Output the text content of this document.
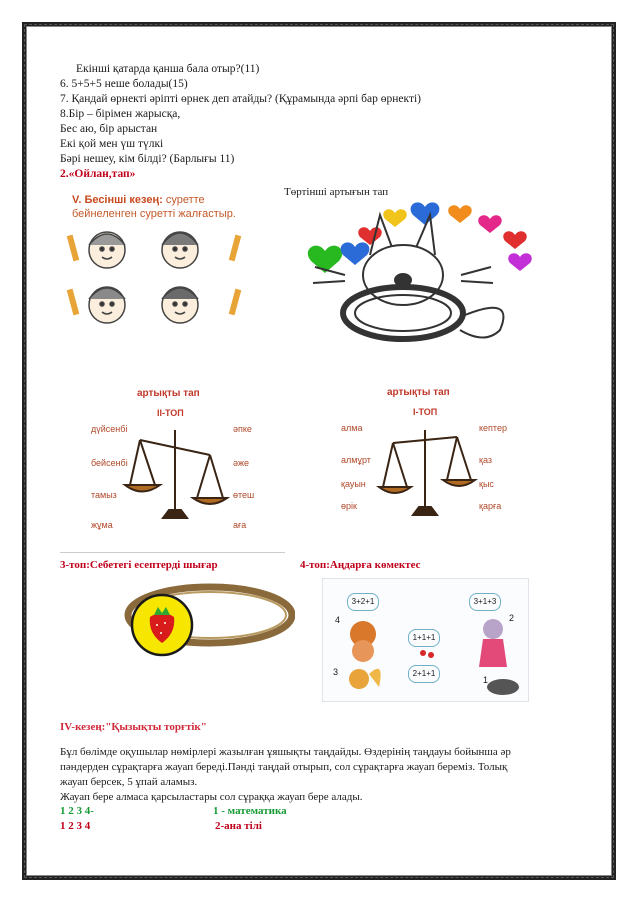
Екінші қатарда қанша бала отыр?(11)
6. 5+5+5 неше болады(15)
7. Қандай өрнекті әріпті өрнек деп атайды? (Құрамында әрпі бар өрнекті)
8.Бір – бірімен жарысқа,
Бес аю, бір арыстан
Екі қой мен үш түлкі
Бәрі нешеу, кім білді? (Барлығы 11)
2.«Ойлан,тап»
Төртінші артығын тап
V. Бесінші кезең: суретте
бейнеленген суретті жалғастыр.
артықты тап
ІІ-ТОП
дүйсенбі
бейсенбі
тамыз
жұма
әпке
әже
өтеш
аға
артықты тап
І-ТОП
алма
алмұрт
қауын
өрік
кептер
қаз
қыс
қарға
3-топ:Себетегі есептерді шығар	4-топ:Аңдарға көмектес
3+2+1	3+1+3
1+1+1
2+1+1
4	2
3
1
IV-кезең:"Қызықты торғтік"
Бұл бөлімде оқушылар нөмірлері жазылған ұяшықты таңдайды. Өздерінің таңдауы бойынша әр
пәндерден сұрақтарға жауап береді.Пәнді таңдай отырып, сол сұрақтарға жауап береміз. Толық
жауап берсек, 5 ұпай аламыз.
Жауап бере алмаса қарсыластары сол сұраққа жауап бере алады.
1 2 3 4-	1 - математика
1 2 3 4	2-ана тілі
